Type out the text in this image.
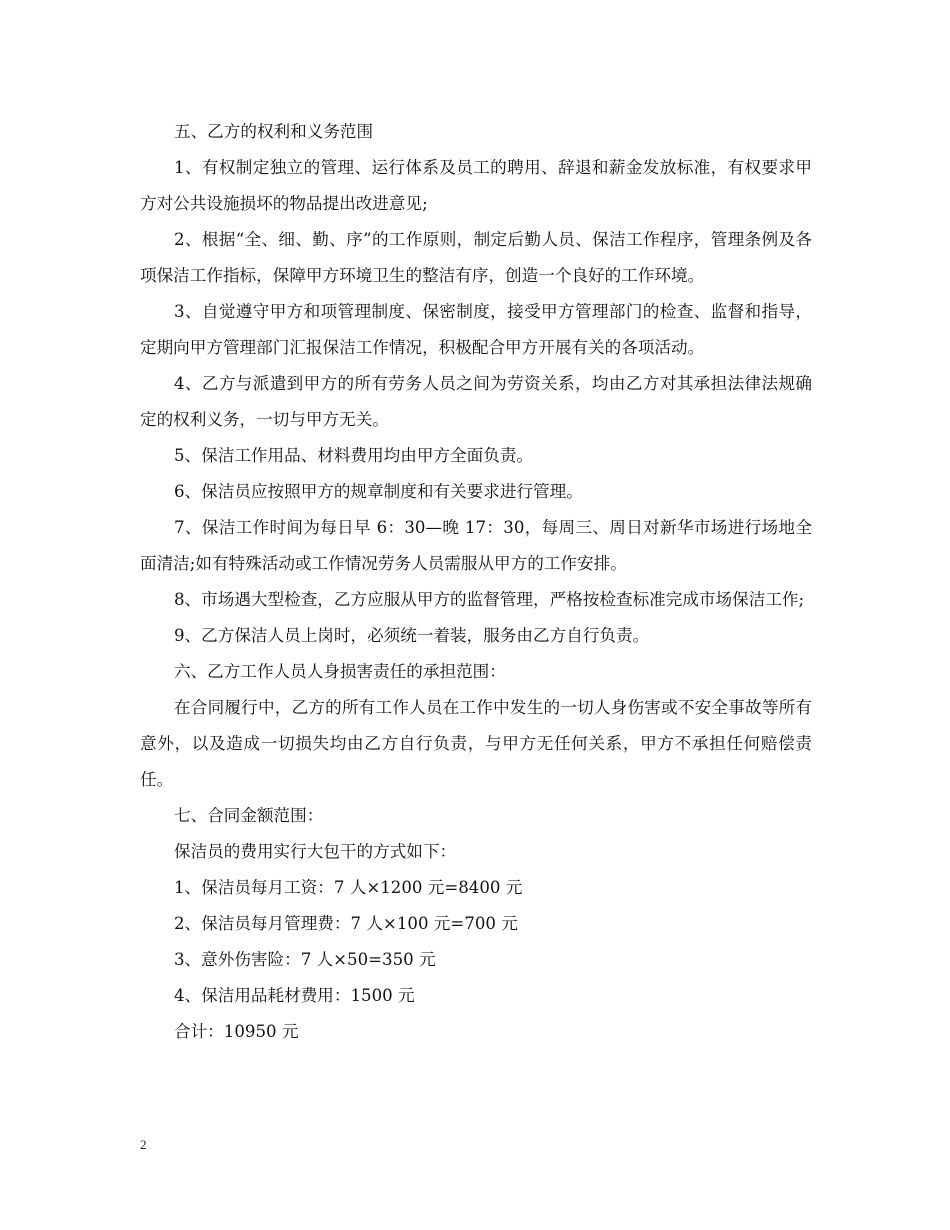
五、乙方的权利和义务范围

1、有权制定独立的管理、运行体系及员工的聘用、辞退和薪金发放标准，有权要求甲方对公共设施损坏的物品提出改进意见;

2、根据“全、细、勤、序”的工作原则，制定后勤人员、保洁工作程序，管理条例及各项保洁工作指标，保障甲方环境卫生的整洁有序，创造一个良好的工作环境。

3、自觉遵守甲方和项管理制度、保密制度，接受甲方管理部门的检查、监督和指导，定期向甲方管理部门汇报保洁工作情况，积极配合甲方开展有关的各项活动。

4、乙方与派遣到甲方的所有劳务人员之间为劳资关系，均由乙方对其承担法律法规确定的权利义务，一切与甲方无关。

5、保洁工作用品、材料费用均由甲方全面负责。

6、保洁员应按照甲方的规章制度和有关要求进行管理。

7、保洁工作时间为每日早 6：30—晚 17：30，每周三、周日对新华市场进行场地全面清洁;如有特殊活动或工作情况劳务人员需服从甲方的工作安排。

8、市场遇大型检查，乙方应服从甲方的监督管理，严格按检查标准完成市场保洁工作;

9、乙方保洁人员上岗时，必须统一着装，服务由乙方自行负责。

六、乙方工作人员人身损害责任的承担范围：

在合同履行中，乙方的所有工作人员在工作中发生的一切人身伤害或不安全事故等所有意外，以及造成一切损失均由乙方自行负责，与甲方无任何关系，甲方不承担任何赔偿责任。

七、合同金额范围：

保洁员的费用实行大包干的方式如下：

1、保洁员每月工资：7 人×1200 元=8400 元

2、保洁员每月管理费：7 人×100 元=700 元

3、意外伤害险：7 人×50=350 元

4、保洁用品耗材费用：1500 元

合计：10950 元

2
